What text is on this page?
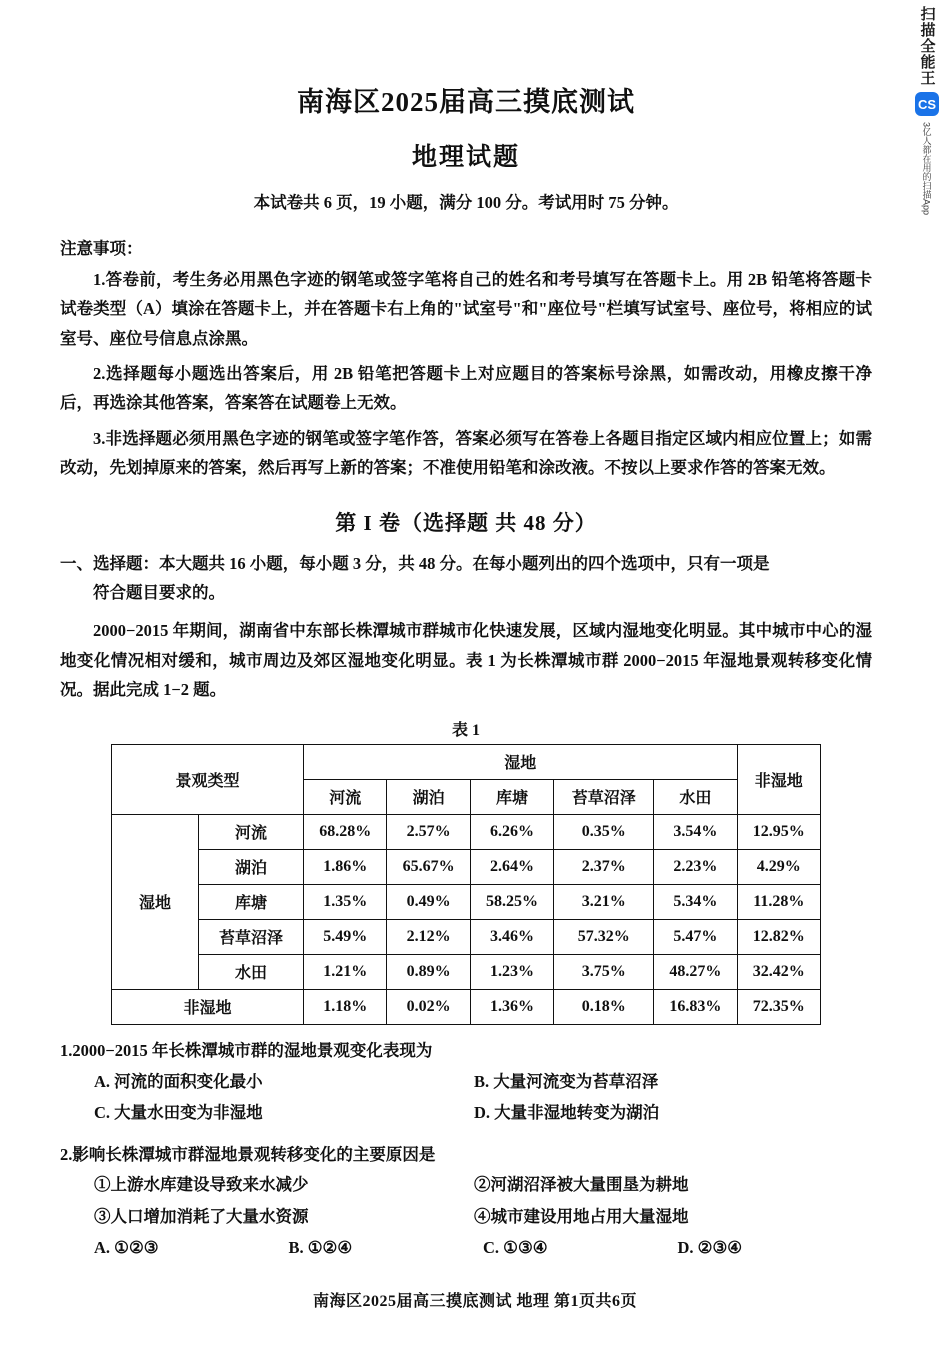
扫描全能王
CS
3亿人都在用的扫描App
南海区2025届高三摸底测试
地理试题

本试卷共 6 页，19 小题，满分 100 分。考试用时 75 分钟。

注意事项：

1.答卷前，考生务必用黑色字迹的钢笔或签字笔将自己的姓名和考号填写在答题卡上。用 2B 铅笔将答题卡试卷类型（A）填涂在答题卡上，并在答题卡右上角的"试室号"和"座位号"栏填写试室号、座位号，将相应的试室号、座位号信息点涂黑。

2.选择题每小题选出答案后，用 2B 铅笔把答题卡上对应题目的答案标号涂黑，如需改动，用橡皮擦干净后，再选涂其他答案，答案答在试题卷上无效。

3.非选择题必须用黑色字迹的钢笔或签字笔作答，答案必须写在答卷上各题目指定区域内相应位置上；如需改动，先划掉原来的答案，然后再写上新的答案；不准使用铅笔和涂改液。不按以上要求作答的答案无效。

第 I 卷（选择题 共 48 分）

一、选择题：本大题共 16 小题，每小题 3 分，共 48 分。在每小题列出的四个选项中，只有一项是
符合题目要求的。

2000−2015 年期间，湖南省中东部长株潭城市群城市化快速发展，区域内湿地变化明显。其中城市中心的湿地变化情况相对缓和，城市周边及郊区湿地变化明显。表 1 为长株潭城市群 2000−2015 年湿地景观转移变化情况。据此完成 1−2 题。

表 1
景观类型		湿地					非湿地
		河流	湖泊	库塘	苔草沼泽	水田	
湿地	河流	68.28%	2.57%	6.26%	0.35%	3.54%	12.95%
	湖泊	1.86%	65.67%	2.64%	2.37%	2.23%	4.29%
	库塘	1.35%	0.49%	58.25%	3.21%	5.34%	11.28%
	苔草沼泽	5.49%	2.12%	3.46%	57.32%	5.47%	12.82%
	水田	1.21%	0.89%	1.23%	3.75%	48.27%	32.42%
非湿地		1.18%	0.02%	1.36%	0.18%	16.83%	72.35%

1.2000−2015 年长株潭城市群的湿地景观变化表现为

A. 河流的面积变化最小	B. 大量河流变为苔草沼泽
C. 大量水田变为非湿地	D. 大量非湿地转变为湖泊

2.影响长株潭城市群湿地景观转移变化的主要原因是

①上游水库建设导致来水减少	②河湖沼泽被大量围垦为耕地
③人口增加消耗了大量水资源	④城市建设用地占用大量湿地
A. ①②③	B. ①②④	C. ①③④	D. ②③④
南海区2025届高三摸底测试 地理 第1页共6页
